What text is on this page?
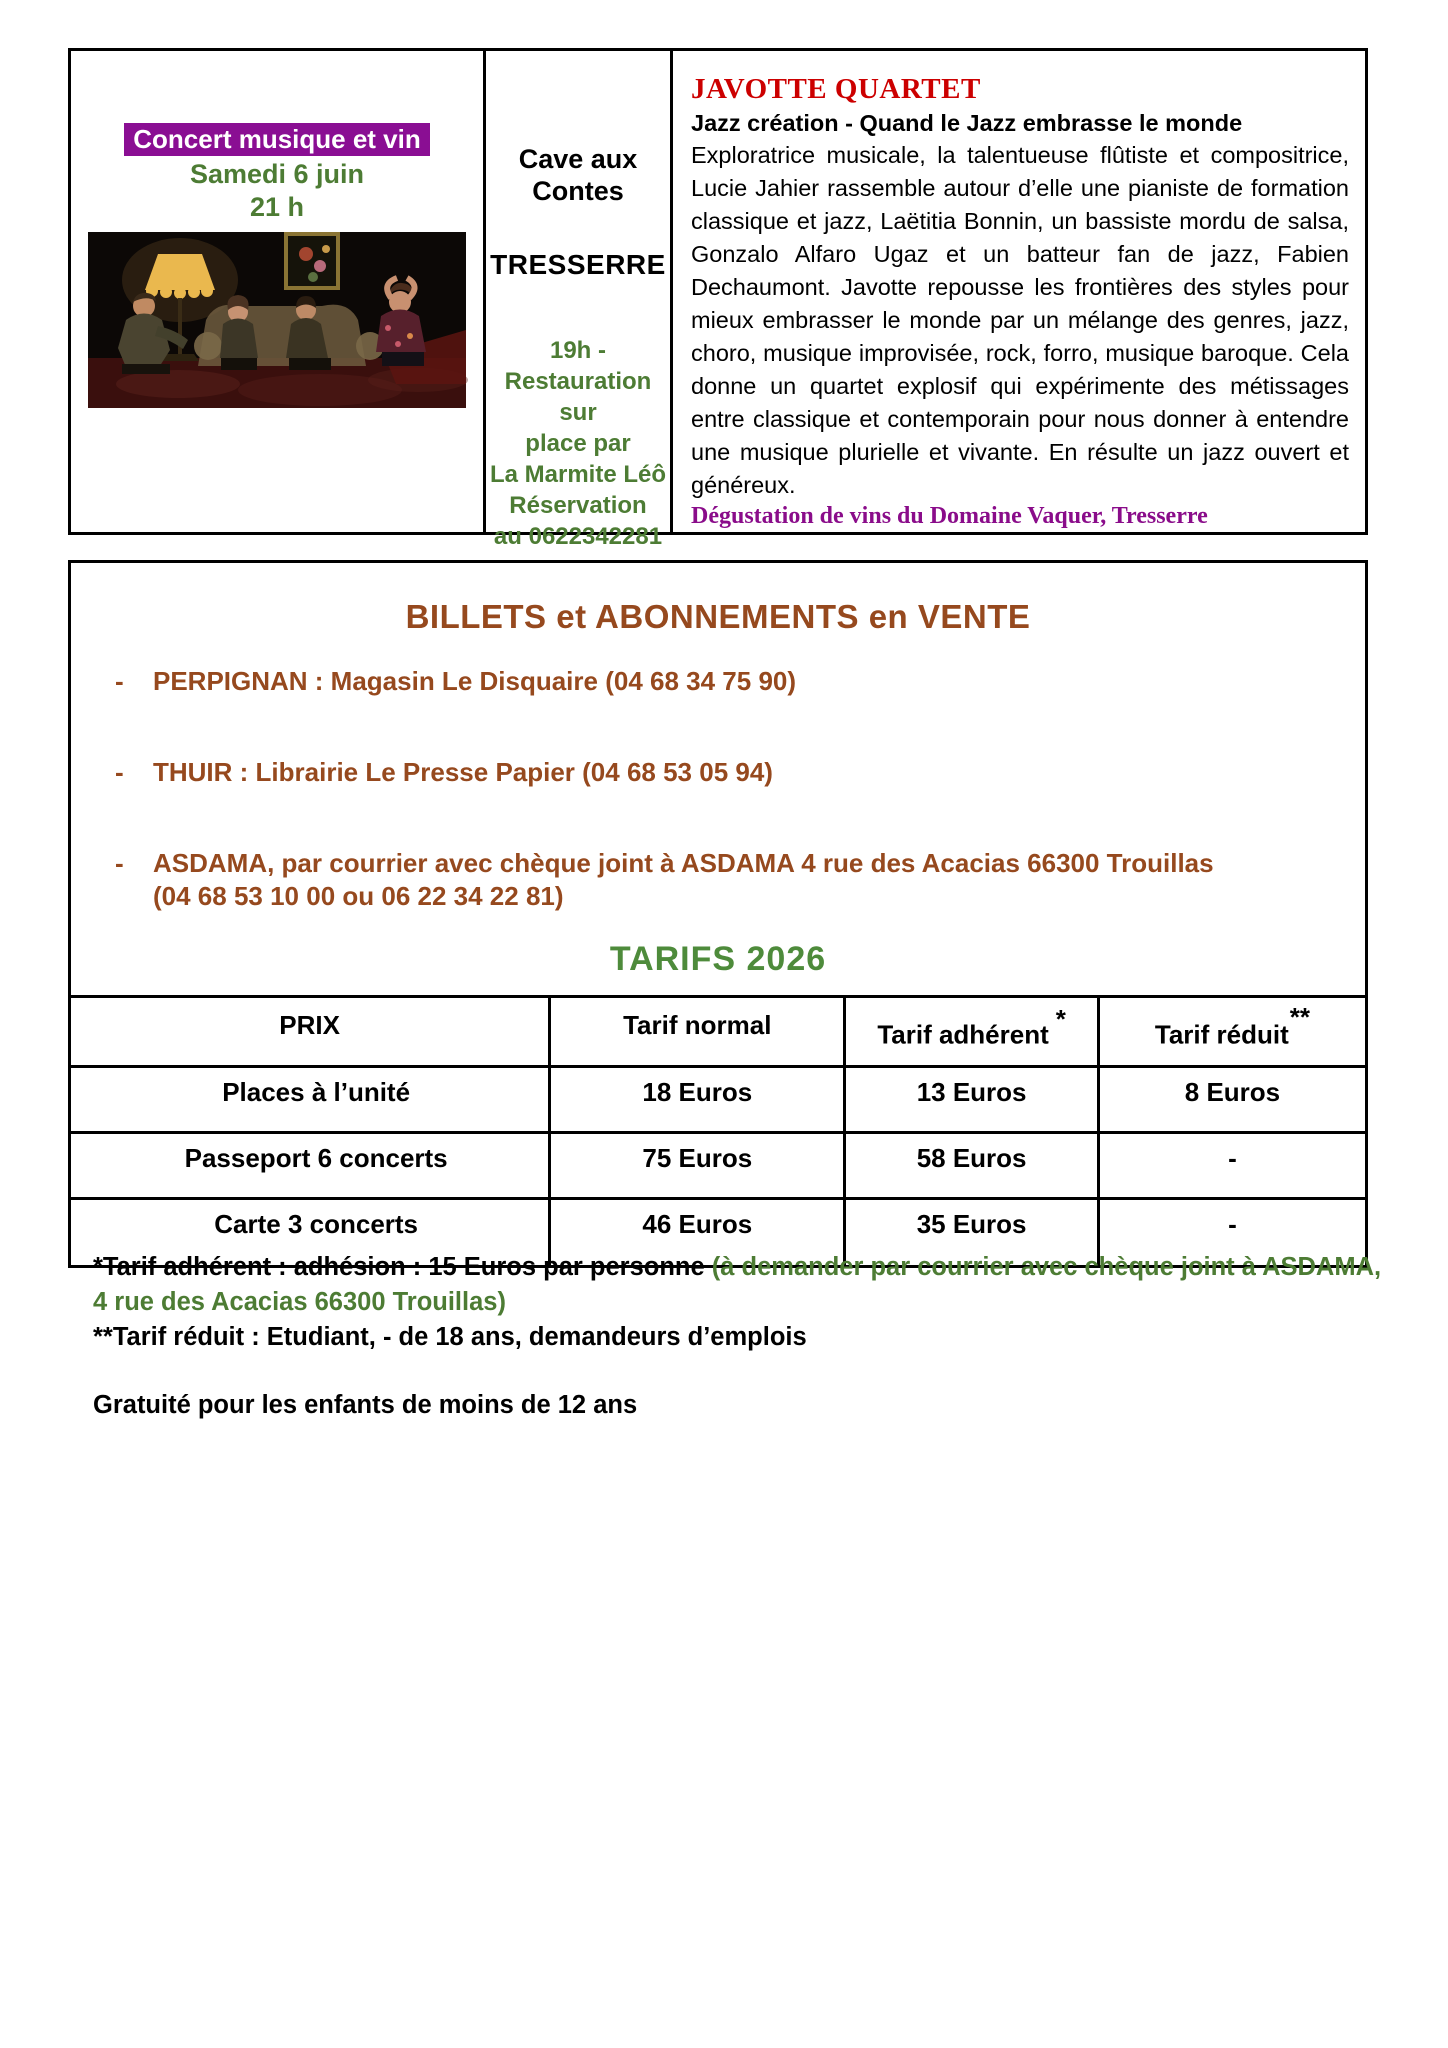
Concert musique et vin
Samedi 6 juin
21 h
Cave aux
Contes
TRESSERRE
19h -
Restauration sur
place par
La Marmite Léô
Réservation
au 0622342281
JAVOTTE QUARTET
Jazz création - Quand le Jazz embrasse le monde
Exploratrice musicale, la talentueuse flûtiste et compositrice, Lucie Jahier rassemble autour d’elle une pianiste de formation classique et jazz, Laëtitia Bonnin, un bassiste mordu de salsa, Gonzalo Alfaro Ugaz et un batteur fan de jazz, Fabien Dechaumont. Javotte repousse les frontières des styles pour mieux embrasser le monde par un mélange des genres, jazz, choro, musique improvisée, rock, forro, musique baroque. Cela donne un quartet explosif qui expérimente des métissages entre classique et contemporain pour nous donner à entendre une musique plurielle et vivante. En résulte un jazz ouvert et généreux.
Dégustation de vins du Domaine Vaquer, Tresserre
BILLETS et ABONNEMENTS en VENTE
-	PERPIGNAN : Magasin Le Disquaire (04 68 34 75 90)
-	THUIR : Librairie Le Presse Papier (04 68 53 05 94)
-	ASDAMA, par courrier avec chèque joint à ASDAMA 4 rue des Acacias 66300 Trouillas
(04 68 53 10 00 ou 06 22 34 22 81)
TARIFS 2026
PRIX	Tarif normal	Tarif adhérent*	Tarif réduit**
Places à l’unité	18 Euros	13 Euros	8 Euros
Passeport 6 concerts	75 Euros	58 Euros	-
Carte 3 concerts	46 Euros	35 Euros	-
*Tarif adhérent : adhésion : 15 Euros par personne (à demander par courrier avec chèque joint à ASDAMA, 4 rue des Acacias 66300 Trouillas)
**Tarif réduit : Etudiant, - de 18 ans, demandeurs d’emplois
Gratuité pour les enfants de moins de 12 ans
